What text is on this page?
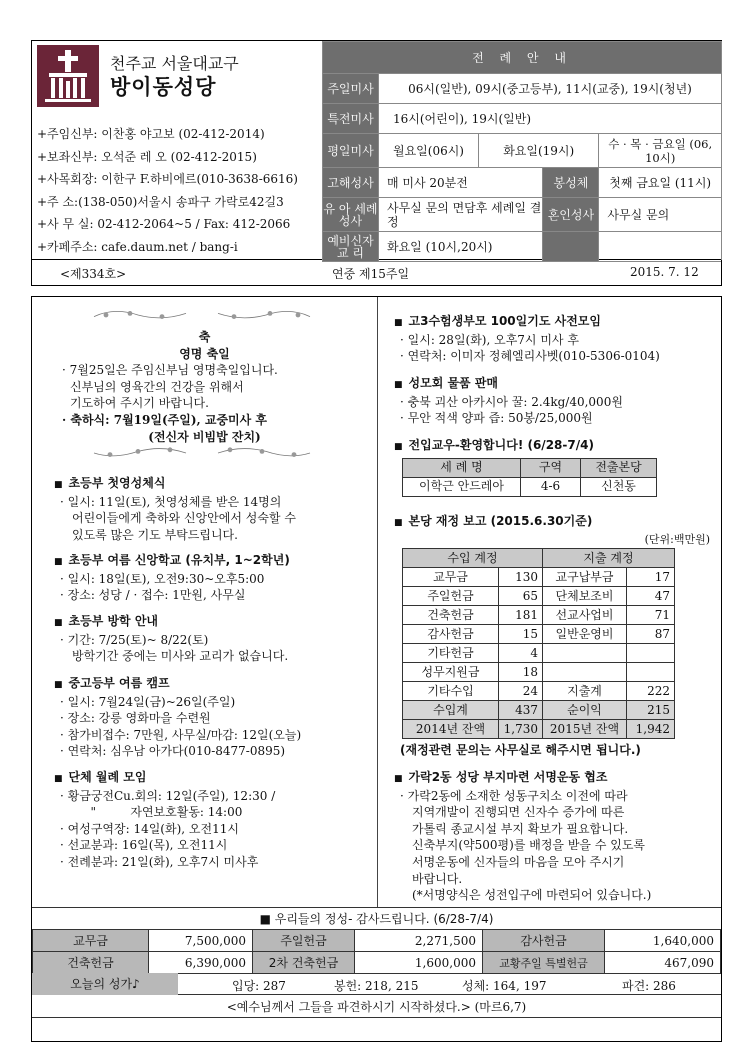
천주교 서울대교구
방이동성당
+주임신부: 이찬홍 야고보 (02-412-2014)
+보좌신부: 오석준 레 오 (02-412-2015)
+사목회장: 이한구 F.하비에르(010-3638-6616)
+주 소:(138-050)서울시 송파구 가락로42길3
+사 무 실: 02-412-2064~5 / Fax: 412-2066
+카페주소: cafe.daum.net / bang-i
전 례 안 내				
주일미사	06시(일반), 09시(중고등부), 11시(교중), 19시(청년)			
특전미사	16시(어린이), 19시(일반)			
평일미사	월요일(06시)	화요일(19시)		수 · 목 · 금요일 (06, 10시)
고해성사	매 미사 20분전		봉성체	첫째 금요일 (11시)
유 아 세례성사	사무실 문의 면담후 세례일 결정		혼인성사	사무실 문의
예비신자 교 리	화요일 (10시,20시)			
<제334호>	연중 제15주일	2015. 7. 12
축
영명 축일
· 7월25일은 주임신부님 영명축일입니다.
신부님의 영육간의 건강을 위해서
기도하여 주시기 바랍니다.
· 축하식: 7월19일(주일), 교중미사 후
(전신자 비빔밥 잔치)
■ 초등부 첫영성체식
· 일시: 11일(토), 첫영성체를 받은 14명의
어린이들에게 축하와 신앙안에서 성숙할 수
있도록 많은 기도 부탁드립니다.
■ 초등부 여름 신앙학교 (유치부, 1~2학년)
· 일시: 18일(토), 오전9:30~오후5:00
· 장소: 성당 / · 접수: 1만원, 사무실
■ 초등부 방학 안내
· 기간: 7/25(토)~ 8/22(토)
방학기간 중에는 미사와 교리가 없습니다.
■ 중고등부 여름 캠프
· 일시: 7월24일(금)~26일(주일)
· 장소: 강릉 영화마을 수련원
· 참가비접수: 7만원, 사무실/마감: 12일(오늘)
· 연락처: 심우남 아가다(010-8477-0895)
■ 단체 월례 모임
· 황금궁전Cu.회의: 12일(주일), 12:30 /
"         자연보호활동: 14:00
· 여성구역장: 14일(화), 오전11시
· 선교분과: 16일(목), 오전11시
· 전례분과: 21일(화), 오후7시 미사후
■ 고3수험생부모 100일기도 사전모임
· 일시: 28일(화), 오후7시 미사 후
· 연락처: 이미자 정혜엘리사벳(010-5306-0104)
■ 성모회 물품 판매
· 충북 괴산 아카시아 꿀: 2.4kg/40,000원
· 무안 적색 양파 즙: 50봉/25,000원
■ 전입교우-환영합니다! (6/28-7/4)
세 례 명	구역	전출본당
이학근 안드레아	4-6	신천동
■ 본당 재정 보고 (2015.6.30기준)
(단위:백만원)
수입 계정		지출 계정	
교무금	130	교구납부금	17
주일헌금	65	단체보조비	47
건축헌금	181	선교사업비	71
감사헌금	15	일반운영비	87
기타헌금	4		
성무지원금	18		
기타수입	24	지출계	222
수입계	437	순이익	215
2014년 잔액	1,730	2015년 잔액	1,942
(재정관련 문의는 사무실로 해주시면 됩니다.)
■ 가락2동 성당 부지마련 서명운동 협조
· 가락2동에 소재한 성동구치소 이전에 따라
지역개발이 진행되면 신자수 증가에 따른
가톨릭 종교시설 부지 확보가 필요합니다.
신축부지(약500평)를 배정을 받을 수 있도록
서명운동에 신자들의 마음을 모아 주시기
바랍니다.
(*서명양식은 성전입구에 마련되어 있습니다.)
■ 우리들의 정성- 감사드립니다. (6/28-7/4)
교무금	7,500,000	주일헌금	2,271,500	감사헌금	1,640,000
건축헌금	6,390,000	2차 건축헌금	1,600,000	교황주일 특별헌금	467,090
오늘의 성가♪	입당: 287	봉헌: 218, 215	성체: 164, 197	파견: 286
<예수님께서 그들을 파견하시기 시작하셨다.> (마르6,7)
